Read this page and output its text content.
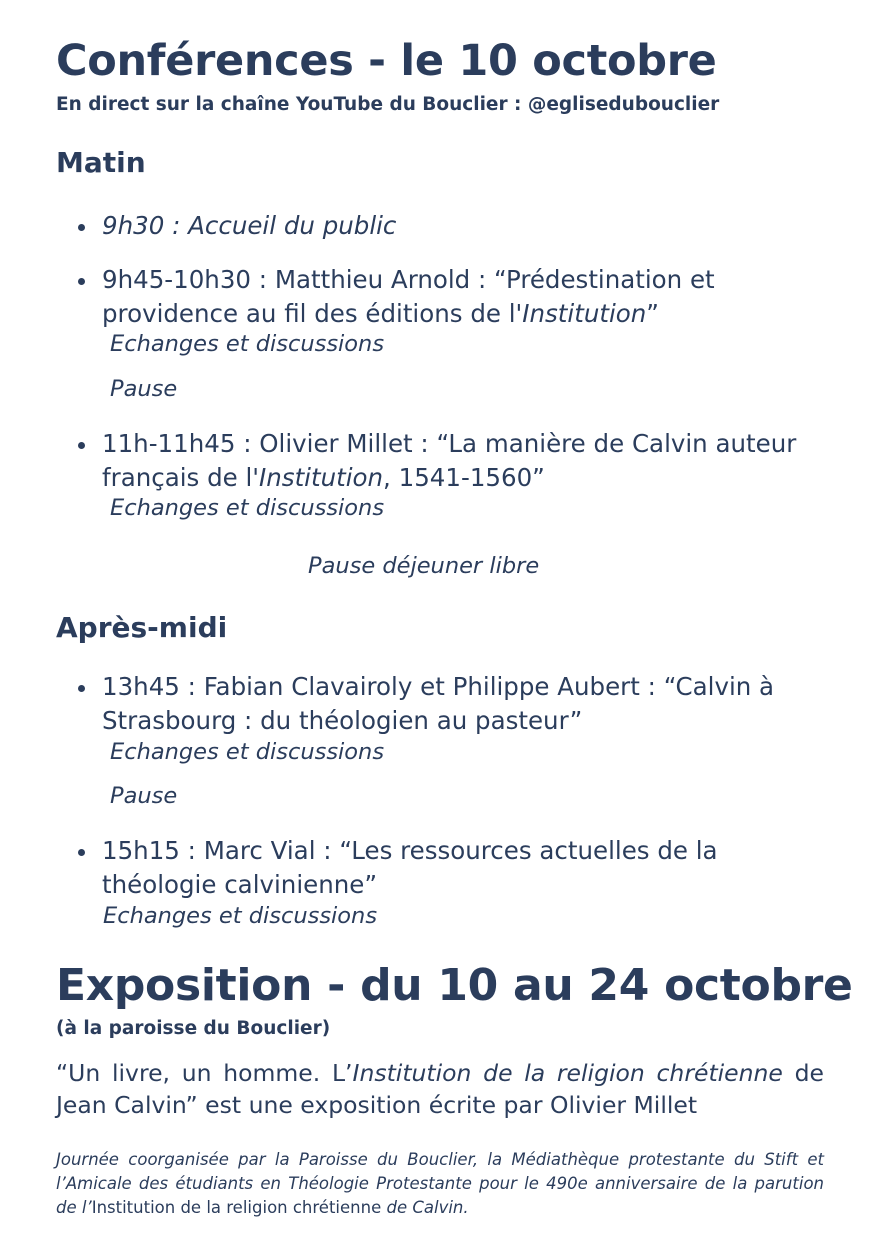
Conférences - le 10 octobre
En direct sur la chaîne YouTube du Bouclier : @eglisedubouclier
Matin
9h30 : Accueil du public
9h45-10h30 : Matthieu Arnold : “Prédestination et providence au fil des éditions de l'Institution”
Echanges et discussions
Pause
11h-11h45 : Olivier Millet : “La manière de Calvin auteur français de l'Institution, 1541-1560”
Echanges et discussions
Pause déjeuner libre
Après-midi
13h45 : Fabian Clavairoly et Philippe Aubert : “Calvin à Strasbourg : du théologien au pasteur”
Echanges et discussions
Pause
15h15 : Marc Vial : “Les ressources actuelles de la théologie calvinienne”
Echanges et discussions
Exposition - du 10 au 24 octobre
(à la paroisse du Bouclier)
“Un livre, un homme. L’Institution de la religion chrétienne de Jean Calvin” est une exposition écrite par Olivier Millet
Journée coorganisée par la Paroisse du Bouclier, la Médiathèque protestante du Stift et l’Amicale des étudiants en Théologie Protestante pour le 490e anniversaire de la parution de l’Institution de la religion chrétienne de Calvin.
